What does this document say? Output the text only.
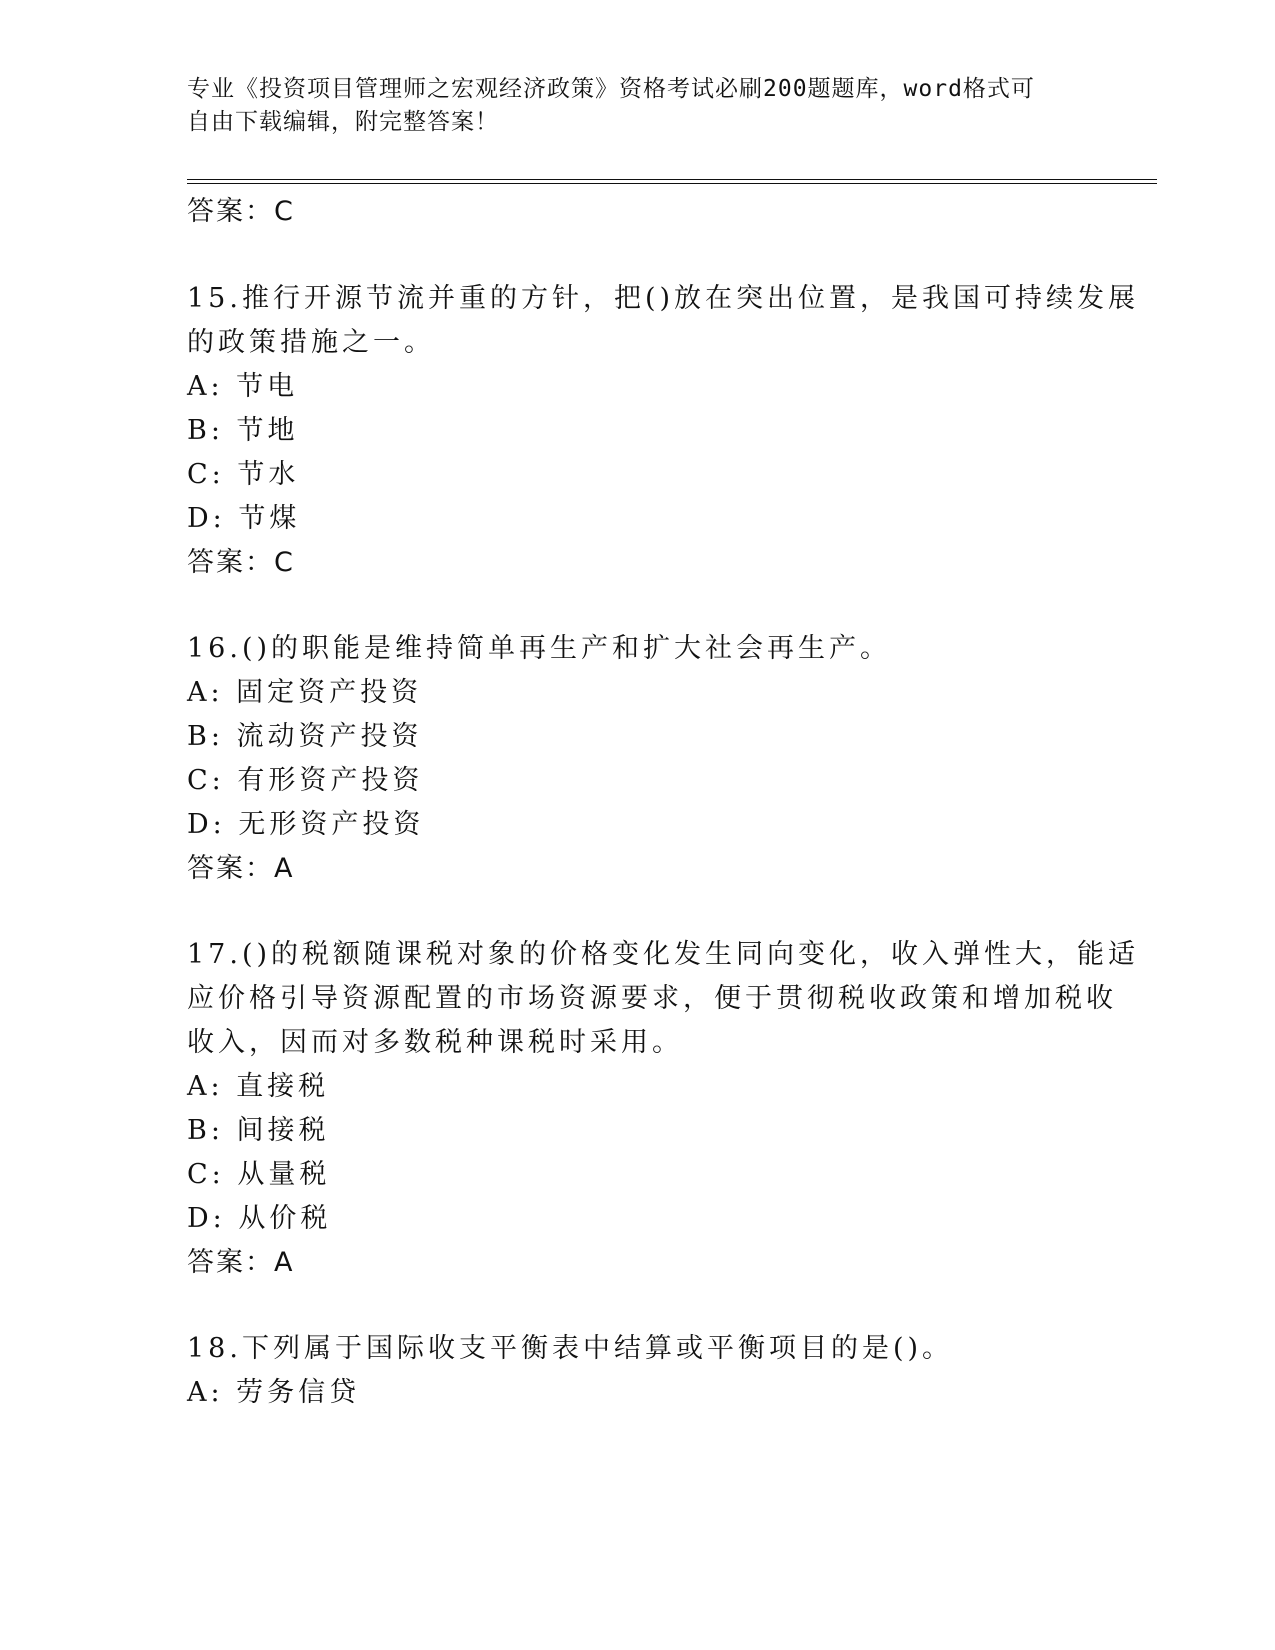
专业《投资项目管理师之宏观经济政策》资格考试必刷200题题库，word格式可
自由下载编辑，附完整答案！
答案：C
15.推行开源节流并重的方针，把()放在突出位置，是我国可持续发展
的政策措施之一。
A: 节电
B: 节地
C: 节水
D: 节煤
答案：C
16.()的职能是维持简单再生产和扩大社会再生产。
A: 固定资产投资
B: 流动资产投资
C: 有形资产投资
D: 无形资产投资
答案：A
17.()的税额随课税对象的价格变化发生同向变化，收入弹性大，能适
应价格引导资源配置的市场资源要求，便于贯彻税收政策和增加税收
收入，因而对多数税种课税时采用。
A: 直接税
B: 间接税
C: 从量税
D: 从价税
答案：A
18.下列属于国际收支平衡表中结算或平衡项目的是()。
A: 劳务信贷
